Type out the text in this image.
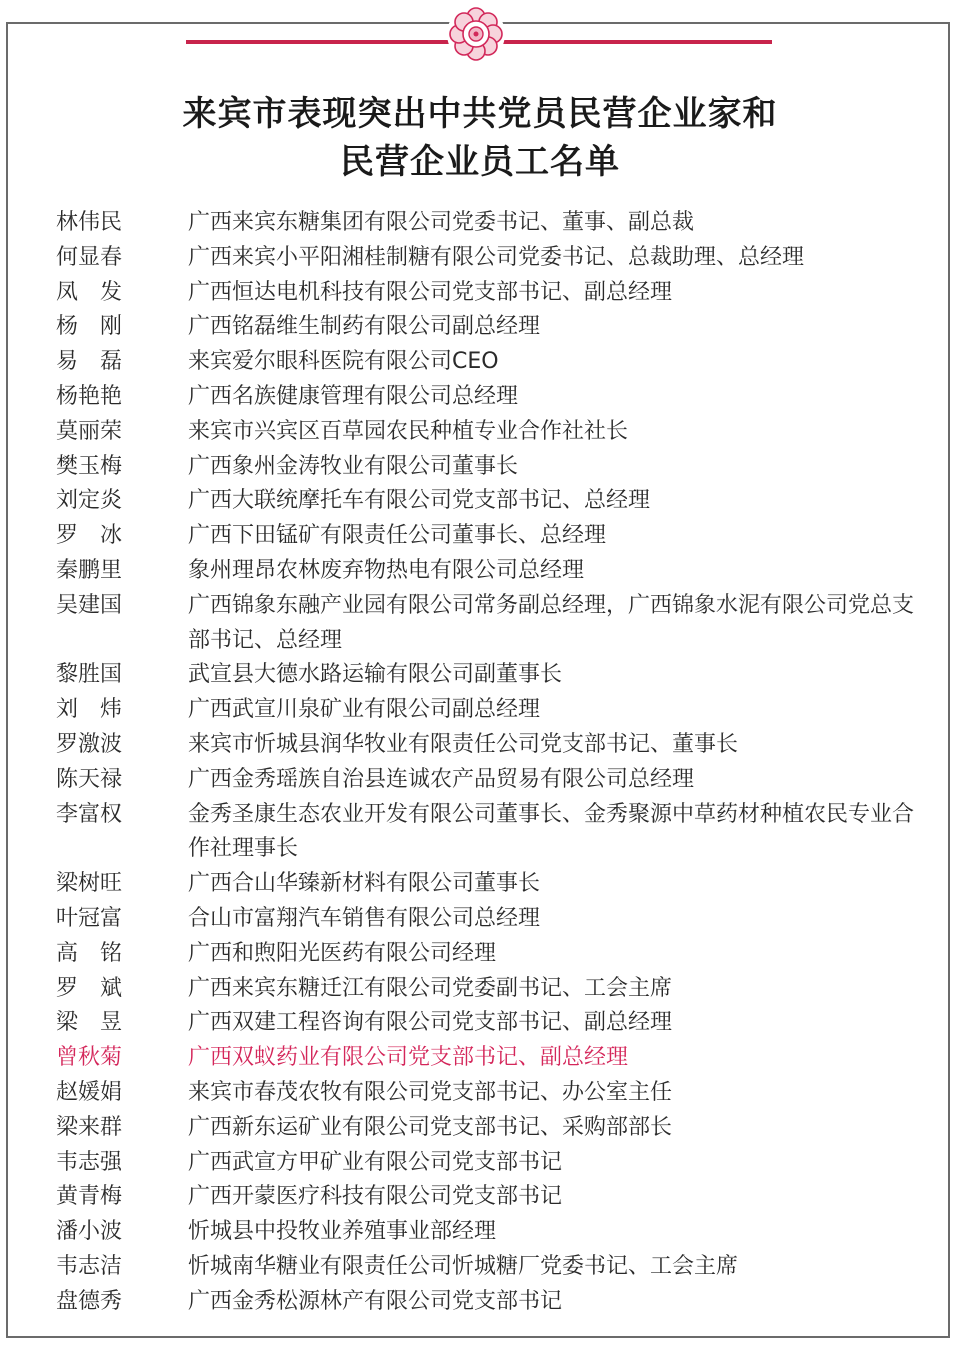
来宾市表现突出中共党员民营企业家和
民营企业员工名单
林伟民	广西来宾东糖集团有限公司党委书记、董事、副总裁
何显春	广西来宾小平阳湘桂制糖有限公司党委书记、总裁助理、总经理
凤　发	广西恒达电机科技有限公司党支部书记、副总经理
杨　刚	广西铭磊维生制药有限公司副总经理
易　磊	来宾爱尔眼科医院有限公司CEO
杨艳艳	广西名族健康管理有限公司总经理
莫丽荣	来宾市兴宾区百草园农民种植专业合作社社长
樊玉梅	广西象州金涛牧业有限公司董事长
刘定炎	广西大联统摩托车有限公司党支部书记、总经理
罗　冰	广西下田锰矿有限责任公司董事长、总经理
秦鹏里	象州理昂农林废弃物热电有限公司总经理
吴建国	广西锦象东融产业园有限公司常务副总经理，广西锦象水泥有限公司党总支部书记、总经理
黎胜国	武宣县大德水路运输有限公司副董事长
刘　炜	广西武宣川泉矿业有限公司副总经理
罗激波	来宾市忻城县润华牧业有限责任公司党支部书记、董事长
陈天禄	广西金秀瑶族自治县连诚农产品贸易有限公司总经理
李富权	金秀圣康生态农业开发有限公司董事长、金秀聚源中草药材种植农民专业合作社理事长
梁树旺	广西合山华臻新材料有限公司董事长
叶冠富	合山市富翔汽车销售有限公司总经理
高　铭	广西和煦阳光医药有限公司经理
罗　斌	广西来宾东糖迁江有限公司党委副书记、工会主席
梁　昱	广西双建工程咨询有限公司党支部书记、副总经理
曾秋菊	广西双蚁药业有限公司党支部书记、副总经理
赵媛娟	来宾市春茂农牧有限公司党支部书记、办公室主任
梁来群	广西新东运矿业有限公司党支部书记、采购部部长
韦志强	广西武宣方甲矿业有限公司党支部书记
黄青梅	广西开蒙医疗科技有限公司党支部书记
潘小波	忻城县中投牧业养殖事业部经理
韦志洁	忻城南华糖业有限责任公司忻城糖厂党委书记、工会主席
盘德秀	广西金秀松源林产有限公司党支部书记
